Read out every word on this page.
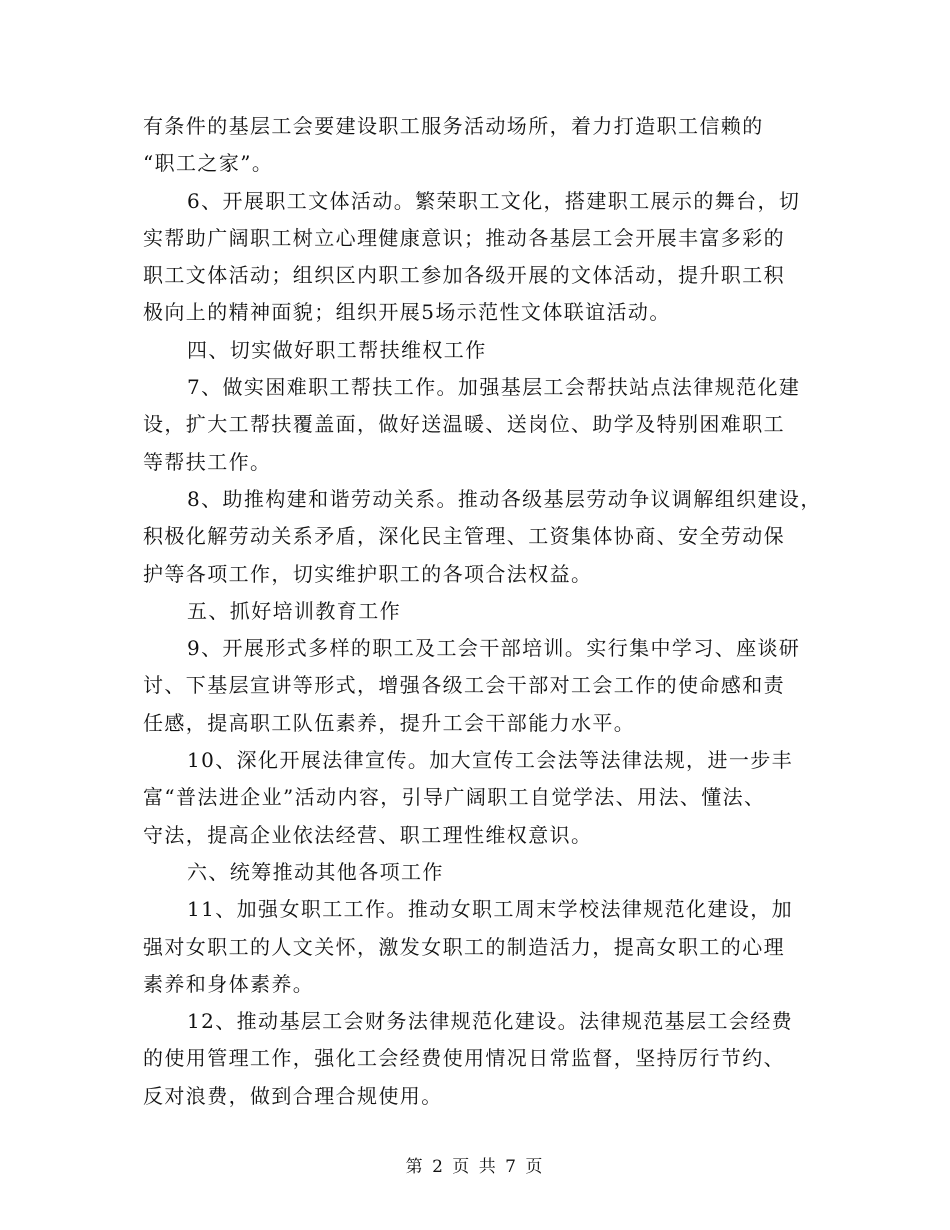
有条件的基层工会要建设职工服务活动场所，着力打造职工信赖的
“职工之家”。
6、开展职工文体活动。繁荣职工文化，搭建职工展示的舞台，切
实帮助广阔职工树立心理健康意识；推动各基层工会开展丰富多彩的
职工文体活动；组织区内职工参加各级开展的文体活动，提升职工积
极向上的精神面貌；组织开展5场示范性文体联谊活动。
四、切实做好职工帮扶维权工作
7、做实困难职工帮扶工作。加强基层工会帮扶站点法律规范化建
设，扩大工帮扶覆盖面，做好送温暖、送岗位、助学及特别困难职工
等帮扶工作。
8、助推构建和谐劳动关系。推动各级基层劳动争议调解组织建设，
积极化解劳动关系矛盾，深化民主管理、工资集体协商、安全劳动保
护等各项工作，切实维护职工的各项合法权益。
五、抓好培训教育工作
9、开展形式多样的职工及工会干部培训。实行集中学习、座谈研
讨、下基层宣讲等形式，增强各级工会干部对工会工作的使命感和责
任感，提高职工队伍素养，提升工会干部能力水平。
10、深化开展法律宣传。加大宣传工会法等法律法规，进一步丰
富“普法进企业”活动内容，引导广阔职工自觉学法、用法、懂法、
守法，提高企业依法经营、职工理性维权意识。
六、统筹推动其他各项工作
11、加强女职工工作。推动女职工周末学校法律规范化建设，加
强对女职工的人文关怀，激发女职工的制造活力，提高女职工的心理
素养和身体素养。
12、推动基层工会财务法律规范化建设。法律规范基层工会经费
的使用管理工作，强化工会经费使用情况日常监督，坚持厉行节约、
反对浪费，做到合理合规使用。
第 2 页 共 7 页
